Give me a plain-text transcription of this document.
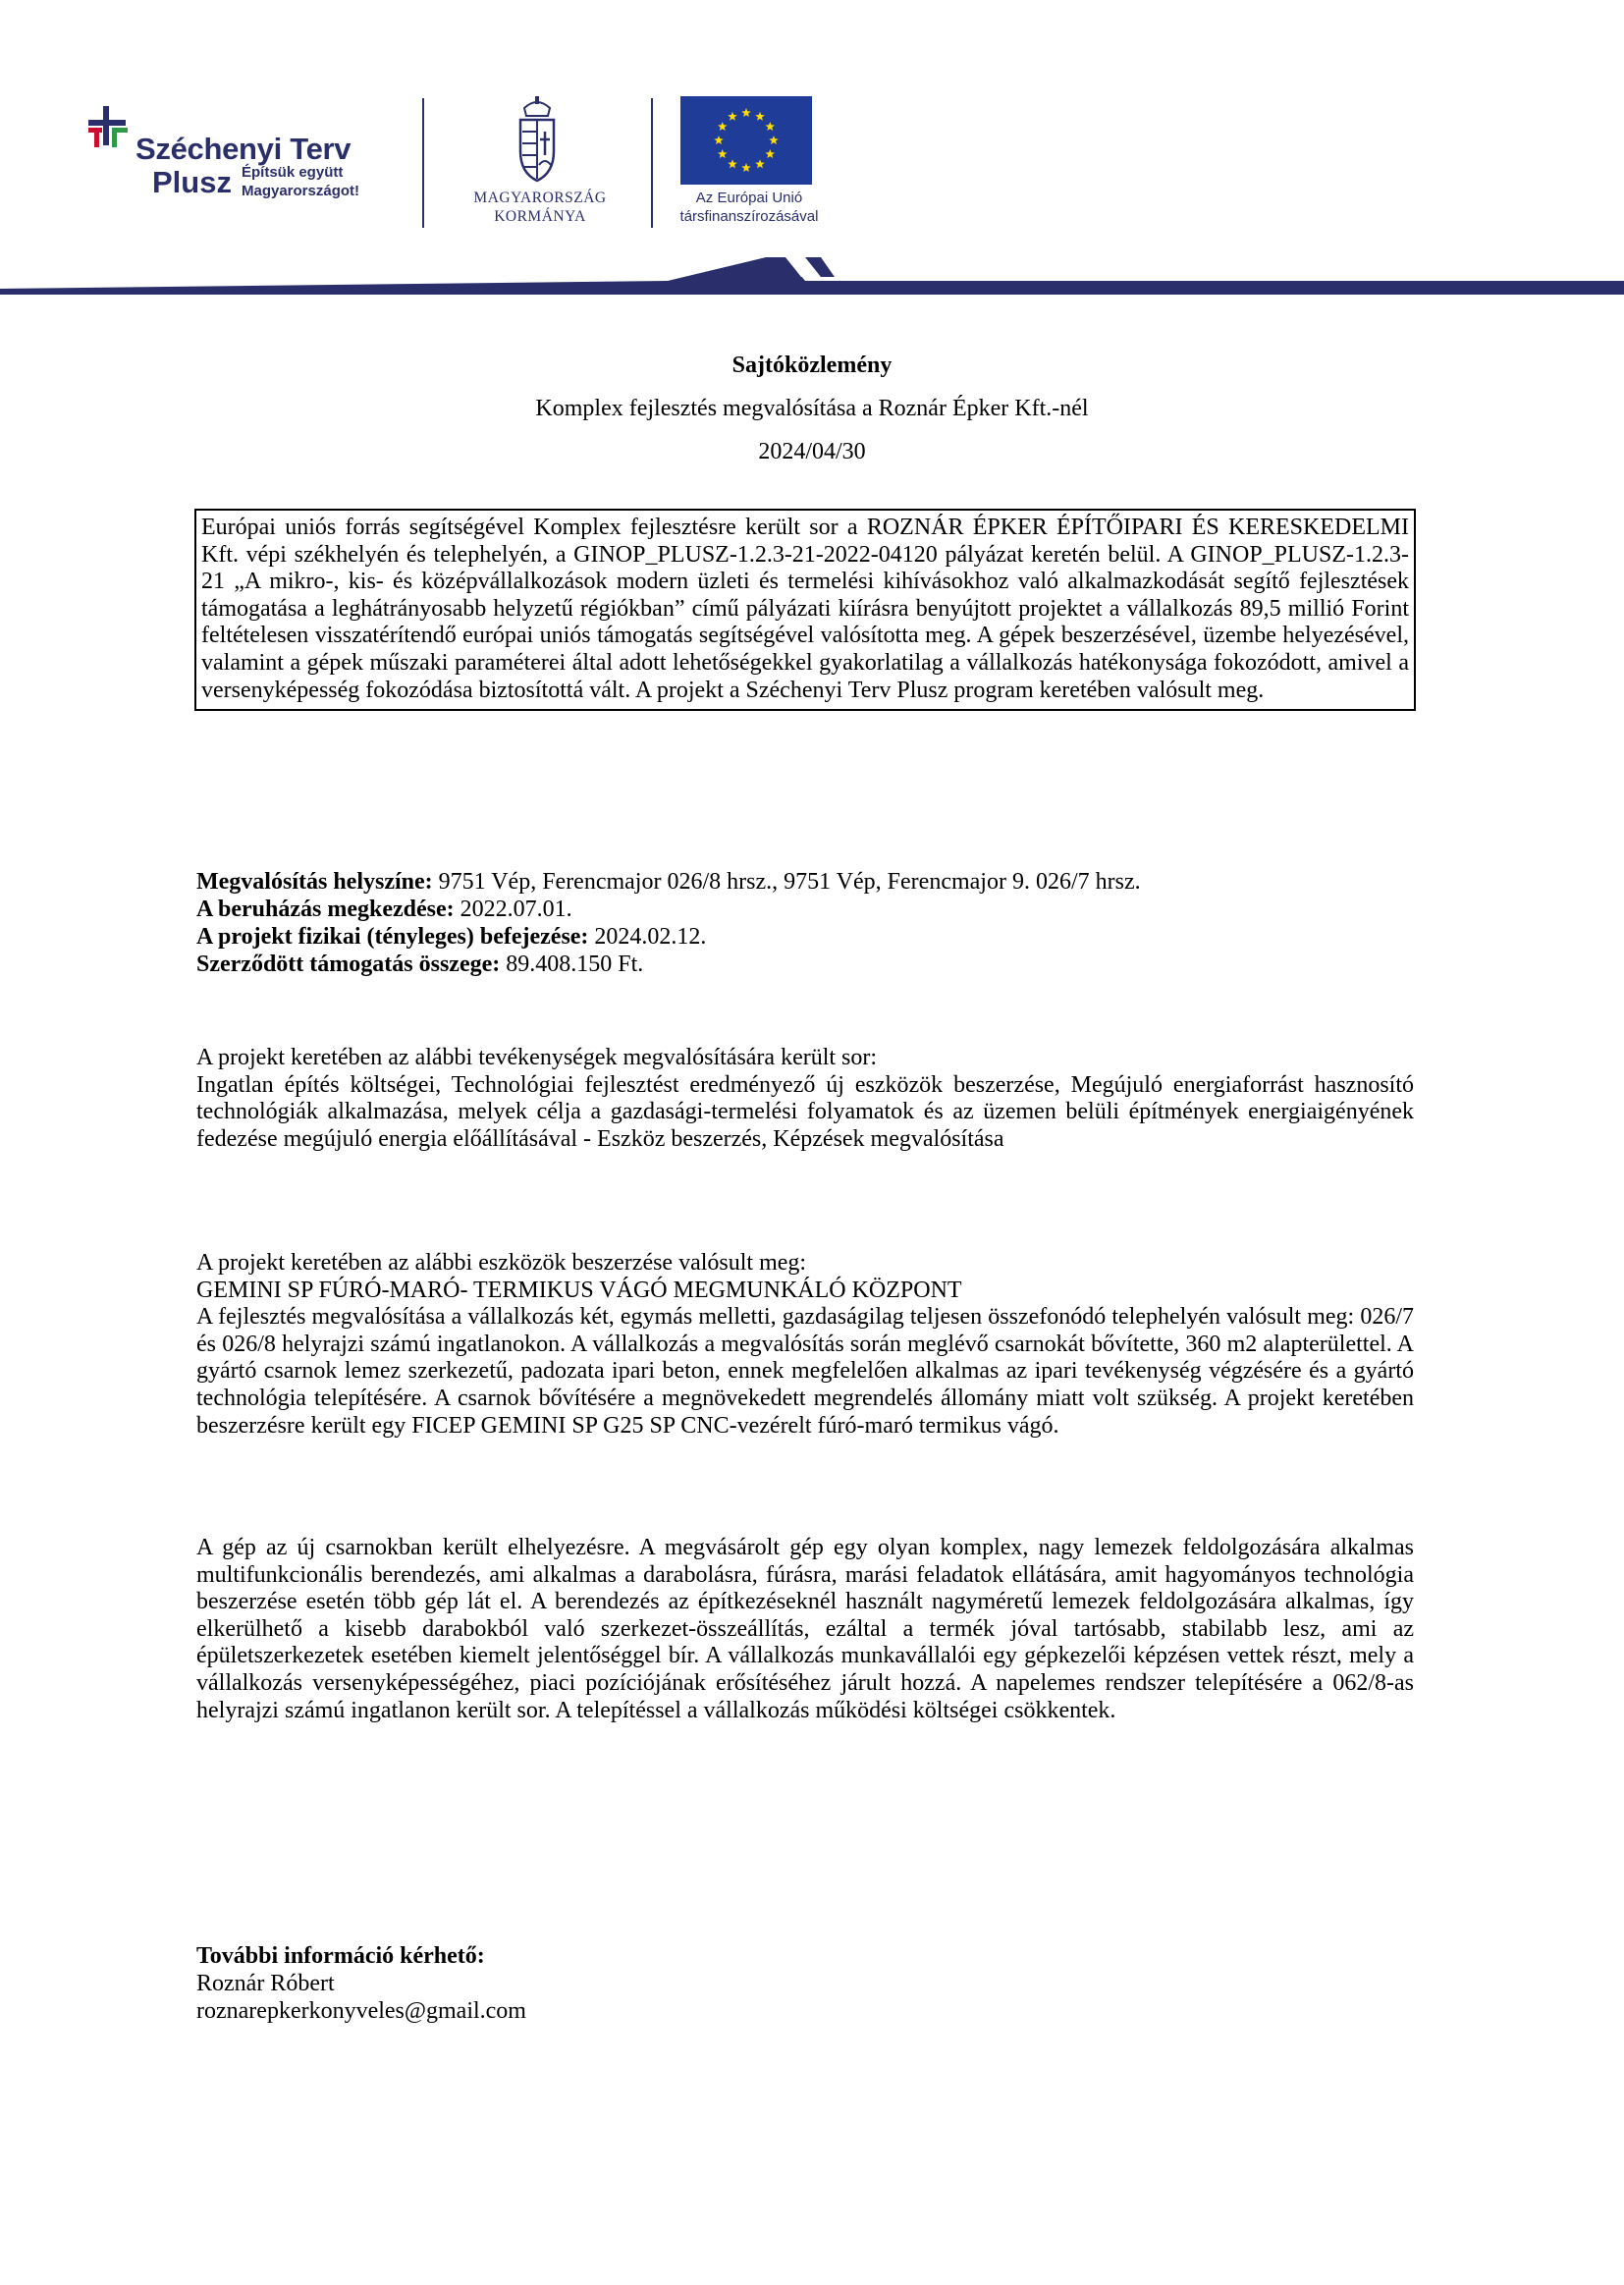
Széchenyi Terv
Plusz Építsük együtt
Magyarországot!	MAGYARORSZÁG
KORMÁNYA
Az Európai Unió
társfinanszírozásával
Sajtóközlemény
Komplex fejlesztés megvalósítása a Roznár Épker Kft.-nél
2024/04/30
Európai uniós forrás segítségével Komplex fejlesztésre került sor a ROZNÁR ÉPKER ÉPÍTŐIPARI ÉS KERESKEDELMI Kft. vépi székhelyén és telephelyén, a GINOP_PLUSZ-1.2.3-21-2022-04120 pályázat keretén belül. A GINOP_PLUSZ-1.2.3-21 „A mikro-, kis- és középvállalkozások modern üzleti és termelési kihívásokhoz való alkalmazkodását segítő fejlesztések támogatása a leghátrányosabb helyzetű régiókban” című pályázati kiírásra benyújtott projektet a vállalkozás 89,5 millió Forint feltételesen visszatérítendő európai uniós támogatás segítségével valósította meg. A gépek beszerzésével, üzembe helyezésével, valamint a gépek műszaki paraméterei által adott lehetőségekkel gyakorlatilag a vállalkozás hatékonysága fokozódott, amivel a versenyképesség fokozódása biztosítottá vált. A projekt a Széchenyi Terv Plusz program keretében valósult meg.

Megvalósítás helyszíne: 9751 Vép, Ferencmajor 026/8 hrsz., 9751 Vép, Ferencmajor 9. 026/7 hrsz.

A beruházás megkezdése: 2022.07.01.

A projekt fizikai (tényleges) befejezése: 2024.02.12.

Szerződött támogatás összege: 89.408.150 Ft.

A projekt keretében az alábbi tevékenységek megvalósítására került sor:

Ingatlan építés költségei, Technológiai fejlesztést eredményező új eszközök beszerzése, Megújuló energiaforrást hasznosító technológiák alkalmazása, melyek célja a gazdasági-termelési folyamatok és az üzemen belüli építmények energiaigényének fedezése megújuló energia előállításával - Eszköz beszerzés, Képzések megvalósítása

A projekt keretében az alábbi eszközök beszerzése valósult meg:

GEMINI SP FÚRÓ-MARÓ- TERMIKUS VÁGÓ MEGMUNKÁLÓ KÖZPONT

A fejlesztés megvalósítása a vállalkozás két, egymás melletti, gazdaságilag teljesen összefonódó telephelyén valósult meg: 026/7 és 026/8 helyrajzi számú ingatlanokon. A vállalkozás a megvalósítás során meglévő csarnokát bővítette, 360 m2 alapterülettel. A gyártó csarnok lemez szerkezetű, padozata ipari beton, ennek megfelelően alkalmas az ipari tevékenység végzésére és a gyártó technológia telepítésére. A csarnok bővítésére a megnövekedett megrendelés állomány miatt volt szükség. A projekt keretében beszerzésre került egy FICEP GEMINI SP G25 SP CNC-vezérelt fúró-maró termikus vágó.

A gép az új csarnokban került elhelyezésre. A megvásárolt gép egy olyan komplex, nagy lemezek feldolgozására alkalmas multifunkcionális berendezés, ami alkalmas a darabolásra, fúrásra, marási feladatok ellátására, amit hagyományos technológia beszerzése esetén több gép lát el. A berendezés az építkezéseknél használt nagyméretű lemezek feldolgozására alkalmas, így elkerülhető a kisebb darabokból való szerkezet-összeállítás, ezáltal a termék jóval tartósabb, stabilabb lesz, ami az épületszerkezetek esetében kiemelt jelentőséggel bír. A vállalkozás munkavállalói egy gépkezelői képzésen vettek részt, mely a vállalkozás versenyképességéhez, piaci pozíciójának erősítéséhez járult hozzá. A napelemes rendszer telepítésére a 062/8-as helyrajzi számú ingatlanon került sor. A telepítéssel a vállalkozás működési költségei csökkentek.

További információ kérhető:

Roznár Róbert

roznarepkerkonyveles@gmail.com
